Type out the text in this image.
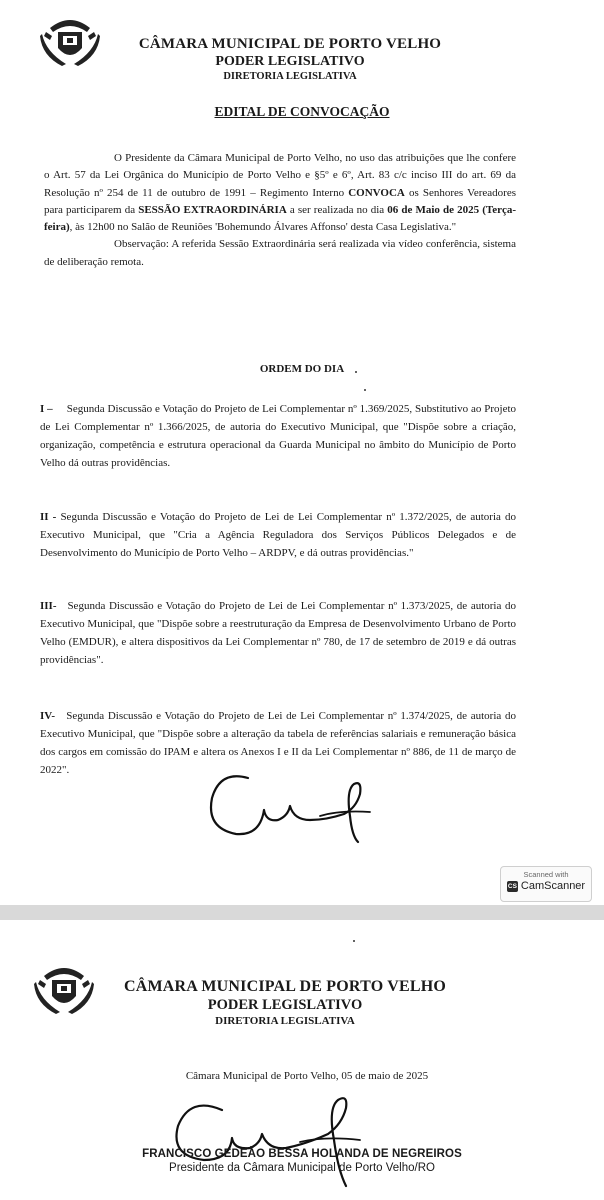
CÂMARA MUNICIPAL DE PORTO VELHO
PODER LEGISLATIVO
DIRETORIA LEGISLATIVA
EDITAL DE CONVOCAÇÃO

O Presidente da Câmara Municipal de Porto Velho, no uso das atribuições que lhe confere o Art. 57 da Lei Orgânica do Município de Porto Velho e §5º e 6º, Art. 83 c/c inciso III do art. 69 da Resolução nº 254 de 11 de outubro de 1991 – Regimento Interno CONVOCA os Senhores Vereadores para participarem da SESSÃO EXTRAORDINÁRIA a ser realizada no dia 06 de Maio de 2025 (Terça-feira), às 12h00 no Salão de Reuniões 'Bohemundo Álvares Affonso' desta Casa Legislativa."

Observação: A referida Sessão Extraordinária será realizada via vídeo conferência, sistema de deliberação remota.

ORDEM DO DIA
I – Segunda Discussão e Votação do Projeto de Lei Complementar nº 1.369/2025, Substitutivo ao Projeto de Lei Complementar nº 1.366/2025, de autoria do Executivo Municipal, que "Dispõe sobre a criação, organização, competência e estrutura operacional da Guarda Municipal no âmbito do Município de Porto Velho dá outras providências.
II - Segunda Discussão e Votação do Projeto de Lei de Lei Complementar nº 1.372/2025, de autoria do Executivo Municipal, que "Cria a Agência Reguladora dos Serviços Públicos Delegados e de Desenvolvimento do Município de Porto Velho – ARDPV, e dá outras providências."
III- Segunda Discussão e Votação do Projeto de Lei de Lei Complementar nº 1.373/2025, de autoria do Executivo Municipal, que "Dispõe sobre a reestruturação da Empresa de Desenvolvimento Urbano de Porto Velho (EMDUR), e altera dispositivos da Lei Complementar nº 780, de 17 de setembro de 2019 e dá outras providências".
IV- Segunda Discussão e Votação do Projeto de Lei de Lei Complementar nº 1.374/2025, de autoria do Executivo Municipal, que "Dispõe sobre a alteração da tabela de referências salariais e remuneração básica dos cargos em comissão do IPAM e altera os Anexos I e II da Lei Complementar nº 886, de 11 de março de 2022".
Scanned with
CS CamScanner
CÂMARA MUNICIPAL DE PORTO VELHO
PODER LEGISLATIVO
DIRETORIA LEGISLATIVA
Câmara Municipal de Porto Velho, 05 de maio de 2025
FRANCISCO GEDEÃO BESSA HOLANDA DE NEGREIROS
Presidente da Câmara Municipal de Porto Velho/RO
